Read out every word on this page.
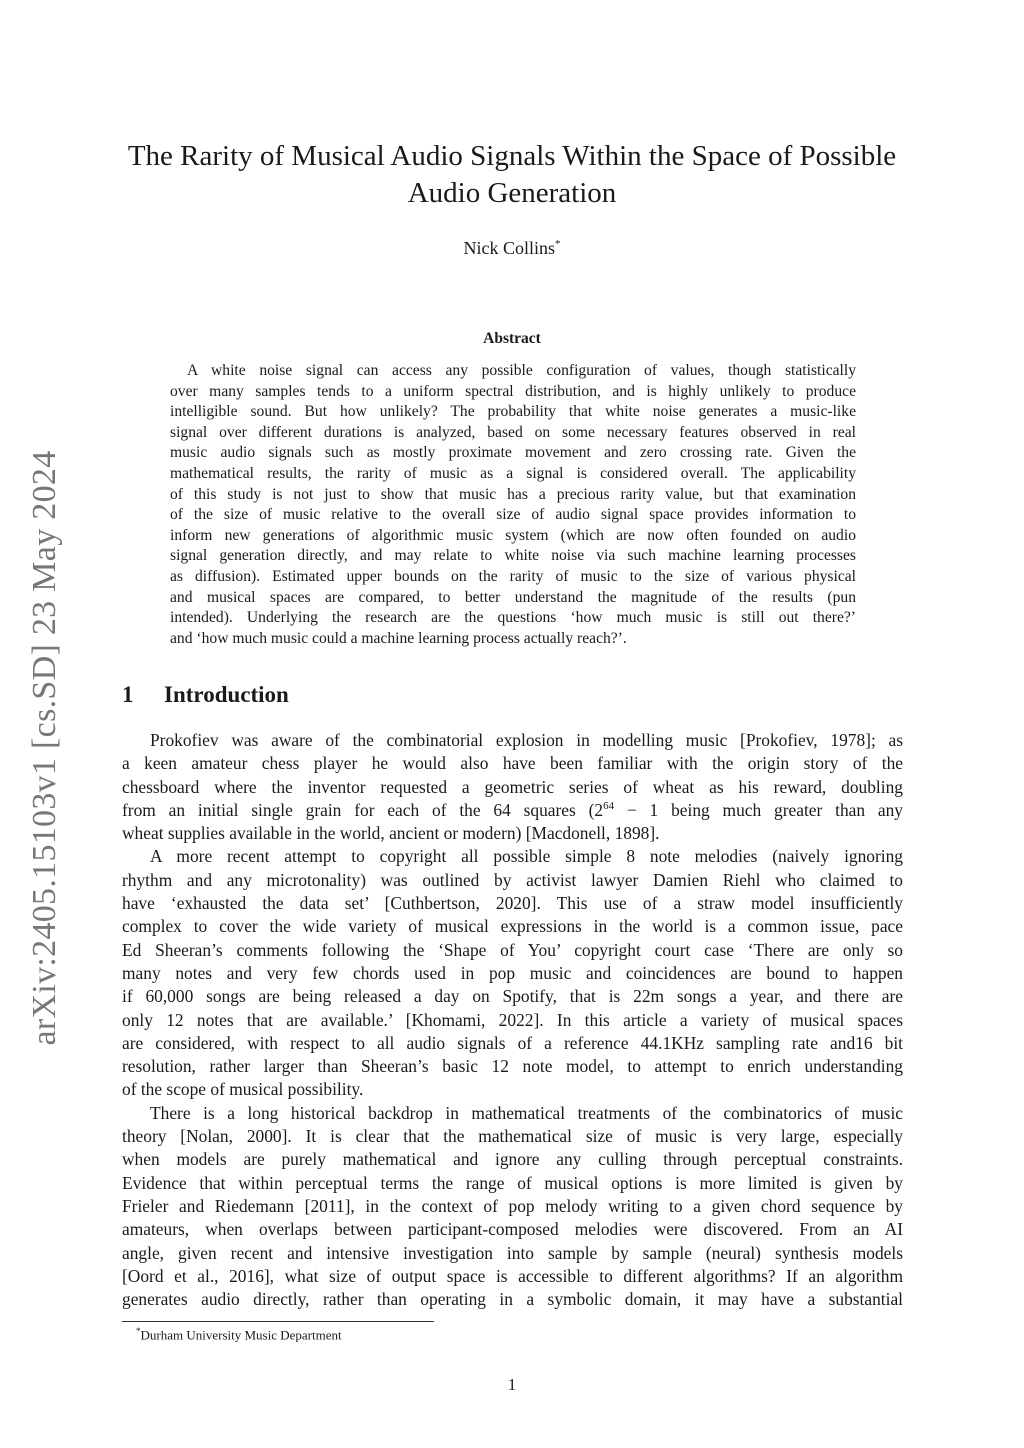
arXiv:2405.15103v1 [cs.SD] 23 May 2024
The Rarity of Musical Audio Signals Within the Space of Possible
Audio Generation
Nick Collins*
Abstract
A white noise signal can access any possible configuration of values, though statistically
over many samples tends to a uniform spectral distribution, and is highly unlikely to produce
intelligible sound. But how unlikely? The probability that white noise generates a music-like
signal over different durations is analyzed, based on some necessary features observed in real
music audio signals such as mostly proximate movement and zero crossing rate. Given the
mathematical results, the rarity of music as a signal is considered overall. The applicability
of this study is not just to show that music has a precious rarity value, but that examination
of the size of music relative to the overall size of audio signal space provides information to
inform new generations of algorithmic music system (which are now often founded on audio
signal generation directly, and may relate to white noise via such machine learning processes
as diffusion). Estimated upper bounds on the rarity of music to the size of various physical
and musical spaces are compared, to better understand the magnitude of the results (pun
intended). Underlying the research are the questions ‘how much music is still out there?’
and ‘how much music could a machine learning process actually reach?’.
1 Introduction
Prokofiev was aware of the combinatorial explosion in modelling music [Prokofiev, 1978]; as
a keen amateur chess player he would also have been familiar with the origin story of the
chessboard where the inventor requested a geometric series of wheat as his reward, doubling
from an initial single grain for each of the 64 squares ($2^{64} - 1$ being much greater than any
wheat supplies available in the world, ancient or modern) [Macdonell, 1898].
A more recent attempt to copyright all possible simple 8 note melodies (naively ignoring
rhythm and any microtonality) was outlined by activist lawyer Damien Riehl who claimed to
have ‘exhausted the data set’ [Cuthbertson, 2020]. This use of a straw model insufficiently
complex to cover the wide variety of musical expressions in the world is a common issue, pace
Ed Sheeran’s comments following the ‘Shape of You’ copyright court case ‘There are only so
many notes and very few chords used in pop music and coincidences are bound to happen
if 60,000 songs are being released a day on Spotify, that is 22m songs a year, and there are
only 12 notes that are available.’ [Khomami, 2022]. In this article a variety of musical spaces
are considered, with respect to all audio signals of a reference 44.1KHz sampling rate and16 bit
resolution, rather larger than Sheeran’s basic 12 note model, to attempt to enrich understanding
of the scope of musical possibility.
There is a long historical backdrop in mathematical treatments of the combinatorics of music
theory [Nolan, 2000]. It is clear that the mathematical size of music is very large, especially
when models are purely mathematical and ignore any culling through perceptual constraints.
Evidence that within perceptual terms the range of musical options is more limited is given by
Frieler and Riedemann [2011], in the context of pop melody writing to a given chord sequence by
amateurs, when overlaps between participant-composed melodies were discovered. From an AI
angle, given recent and intensive investigation into sample by sample (neural) synthesis models
[Oord et al., 2016], what size of output space is accessible to different algorithms? If an algorithm
generates audio directly, rather than operating in a symbolic domain, it may have a substantial
*Durham University Music Department
1
